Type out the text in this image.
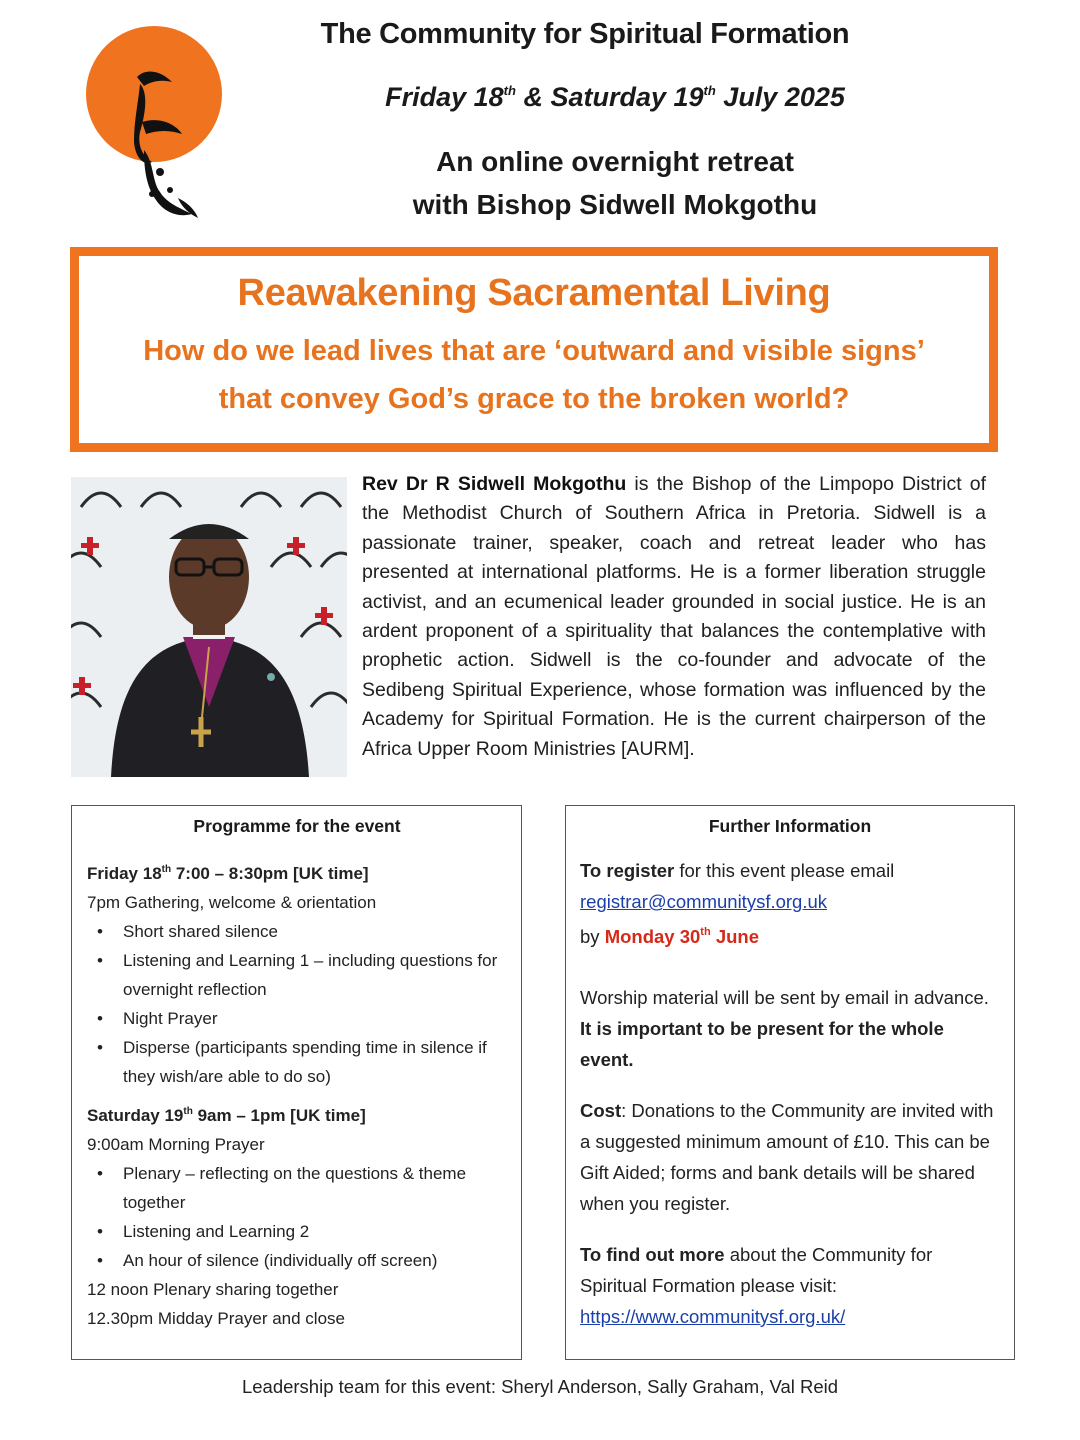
The Community for Spiritual Formation
Friday 18th & Saturday 19th July 2025
An online overnight retreat
with Bishop Sidwell Mokgothu
Reawakening Sacramental Living
How do we lead lives that are ‘outward and visible signs’
that convey God’s grace to the broken world?
Rev Dr R Sidwell Mokgothu is the Bishop of the Limpopo District of the Methodist Church of Southern Africa in Pretoria. Sidwell is a passionate trainer, speaker, coach and retreat leader who has presented at international platforms. He is a former liberation struggle activist, and an ecumenical leader grounded in social justice. He is an ardent proponent of a spirituality that balances the contemplative with prophetic action. Sidwell is the co-founder and advocate of the Sedibeng Spiritual Experience, whose formation was influenced by the Academy for Spiritual Formation. He is the current chairperson of the Africa Upper Room Ministries [AURM].
Programme for the event
Friday 18th 7:00 – 8:30pm [UK time]
7pm Gathering, welcome & orientation
• Short shared silence
• Listening and Learning 1 – including questions for overnight reflection
• Night Prayer
• Disperse (participants spending time in silence if they wish/are able to do so)
Saturday 19th 9am – 1pm [UK time]
9:00am Morning Prayer
• Plenary – reflecting on the questions & theme together
• Listening and Learning 2
• An hour of silence (individually off screen)
12 noon Plenary sharing together
12.30pm Midday Prayer and close
Further Information

To register for this event please email
registrar@communitysf.org.uk
by Monday 30th June

Worship material will be sent by email in advance. It is important to be present for the whole event.

Cost: Donations to the Community are invited with a suggested minimum amount of £10. This can be Gift Aided; forms and bank details will be shared when you register.

To find out more about the Community for Spiritual Formation please visit:
https://www.communitysf.org.uk/

Leadership team for this event: Sheryl Anderson, Sally Graham, Val Reid
